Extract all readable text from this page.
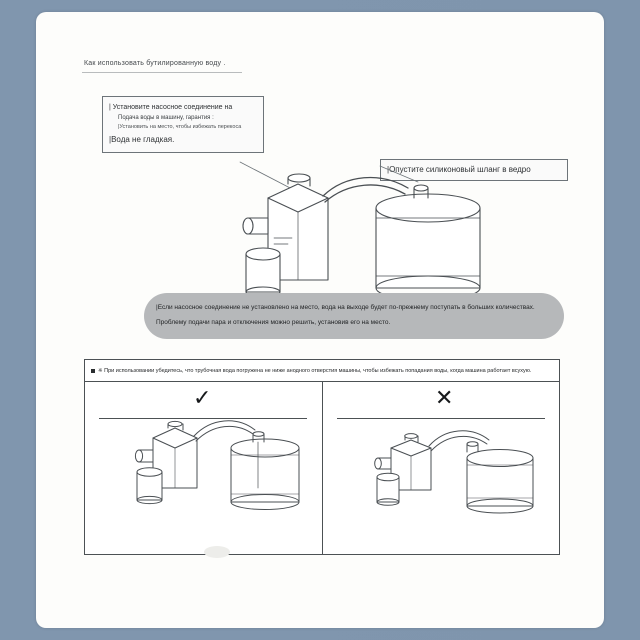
Как использовать бутилированную воду .
| Установите насосное соединение на
Подача воды в машину, гарантия :
|Установить на место, чтобы избежать перекоса
|Вода не гладкая.
|Опустите силиконовый шланг в ведро
|Если насосное соединение не установлено на место, вода на выходе будет по-прежнему поступать в больших количествах.
Проблему подачи пара и отключения можно решить, установив его на место.
※ При использовании убедитесь, что трубочная вода погружена не ниже анодного отверстия машины, чтобы избежать попадания воды, когда машина работает всухую.
✓	✕
